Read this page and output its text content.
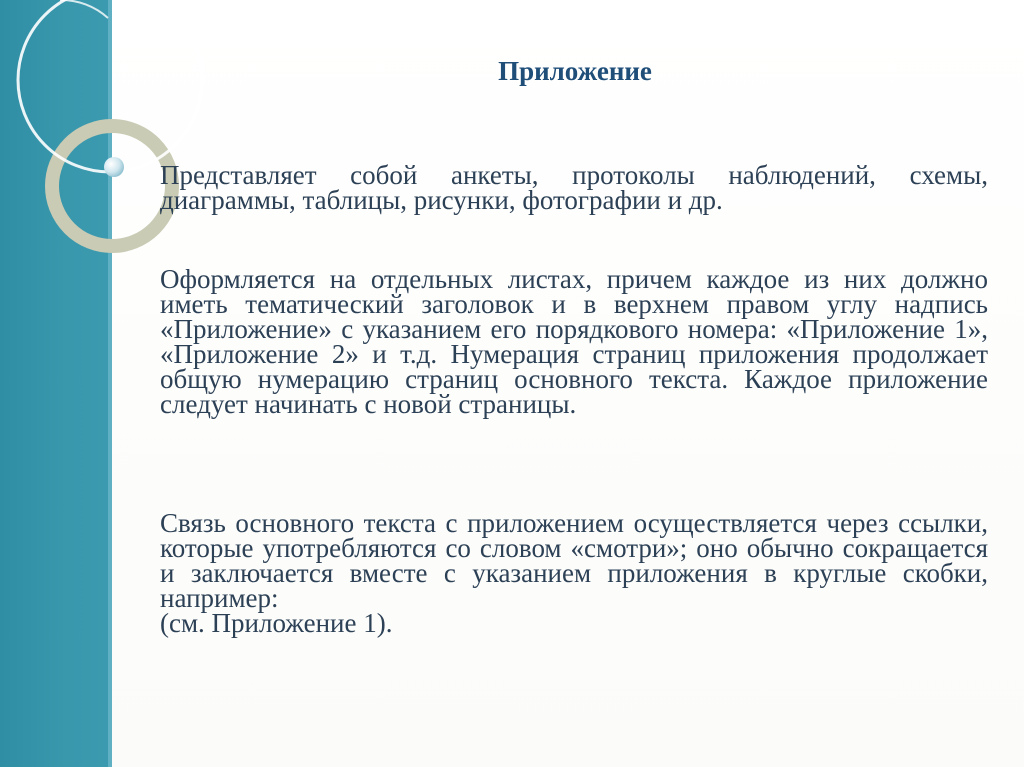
Приложение

Представляет собой анкеты, протоколы наблюдений, схемы, диаграммы, таблицы, рисунки, фотографии и др.

Оформляется на отдельных листах, причем каждое из них должно иметь тематический заголовок и в верхнем правом углу надпись «Приложение» с указанием его порядкового номера: «Приложение 1», «Приложение 2» и т.д. Нумерация страниц приложения продолжает общую нумерацию страниц основного текста. Каждое приложение следует начинать с новой страницы.

Связь основного текста с приложением осуществляется через ссылки, которые употребляются со словом «смотри»; оно обычно сокращается и заключается вместе с указанием приложения в круглые скобки, например:
(см. Приложение 1).
